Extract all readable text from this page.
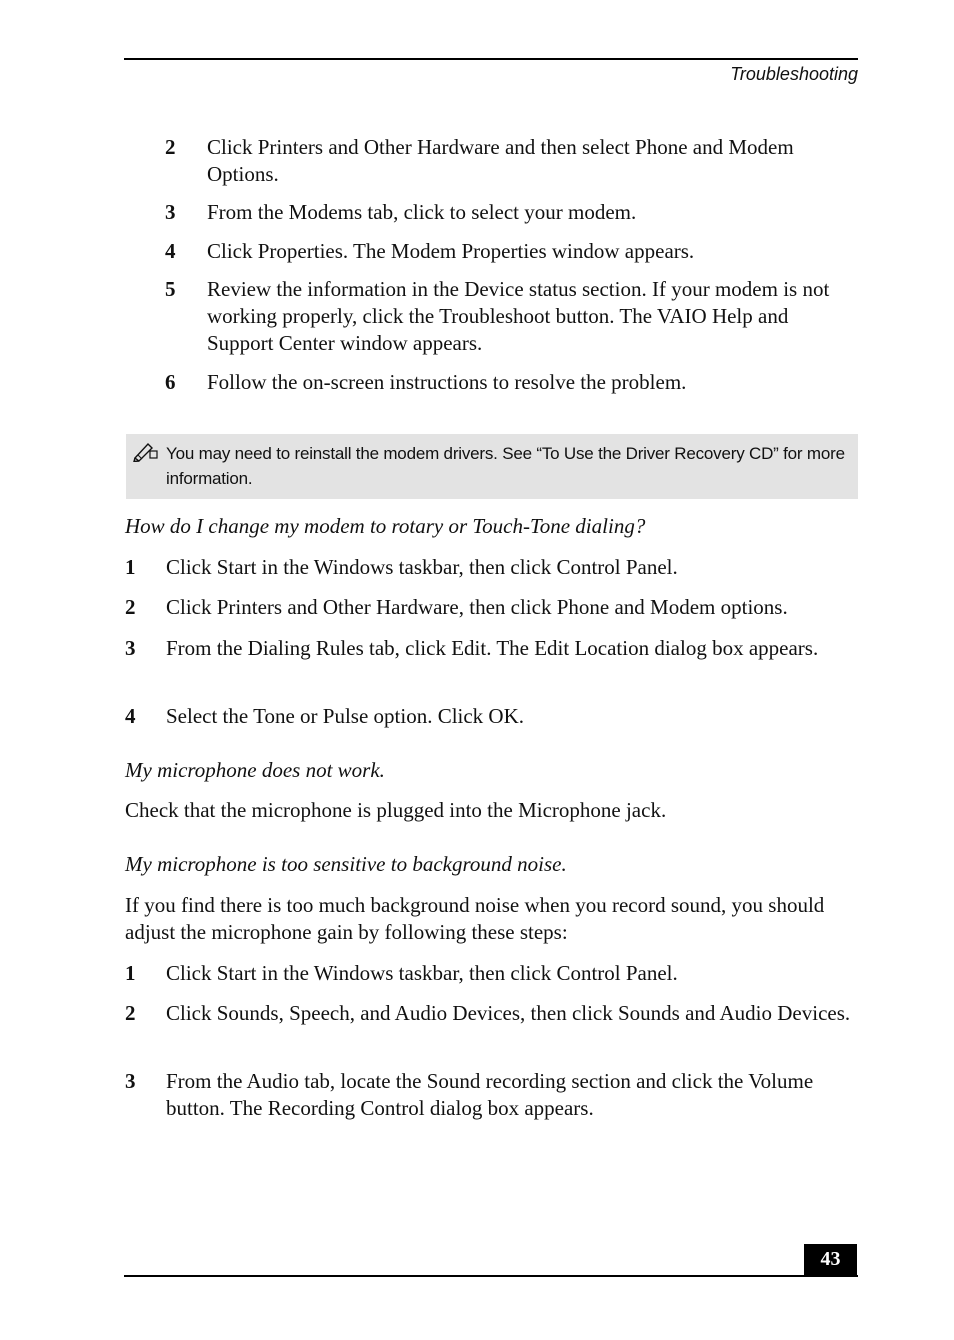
Troubleshooting
2 Click Printers and Other Hardware and then select Phone and Modem Options.
3 From the Modems tab, click to select your modem.
4 Click Properties. The Modem Properties window appears.
5 Review the information in the Device status section. If your modem is not working properly, click the Troubleshoot button. The VAIO Help and Support Center window appears.
6 Follow the on-screen instructions to resolve the problem.
You may need to reinstall the modem drivers. See “To Use the Driver Recovery CD” for more information.
How do I change my modem to rotary or Touch-Tone dialing?
1 Click Start in the Windows taskbar, then click Control Panel.
2 Click Printers and Other Hardware, then click Phone and Modem options.
3 From the Dialing Rules tab, click Edit. The Edit Location dialog box appears.
4 Select the Tone or Pulse option. Click OK.
My microphone does not work.
Check that the microphone is plugged into the Microphone jack.
My microphone is too sensitive to background noise.
If you find there is too much background noise when you record sound, you should adjust the microphone gain by following these steps:
1 Click Start in the Windows taskbar, then click Control Panel.
2 Click Sounds, Speech, and Audio Devices, then click Sounds and Audio Devices.
3 From the Audio tab, locate the Sound recording section and click the Volume button. The Recording Control dialog box appears.
43
